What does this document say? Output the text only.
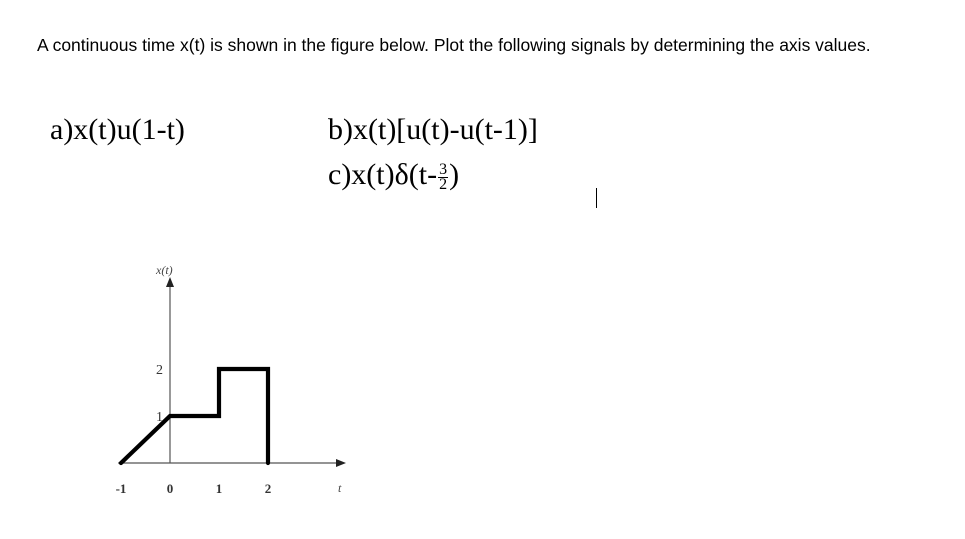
A continuous time x(t) is shown in the figure below. Plot the following signals by determining the axis values.

a)x(t)u(1-t)	b)x(t)[u(t)-u(t-1)]
$c)x(t)\delta(t- \frac{3}{2}$ )
x(t)
t
-1	0	1	2
2
1
